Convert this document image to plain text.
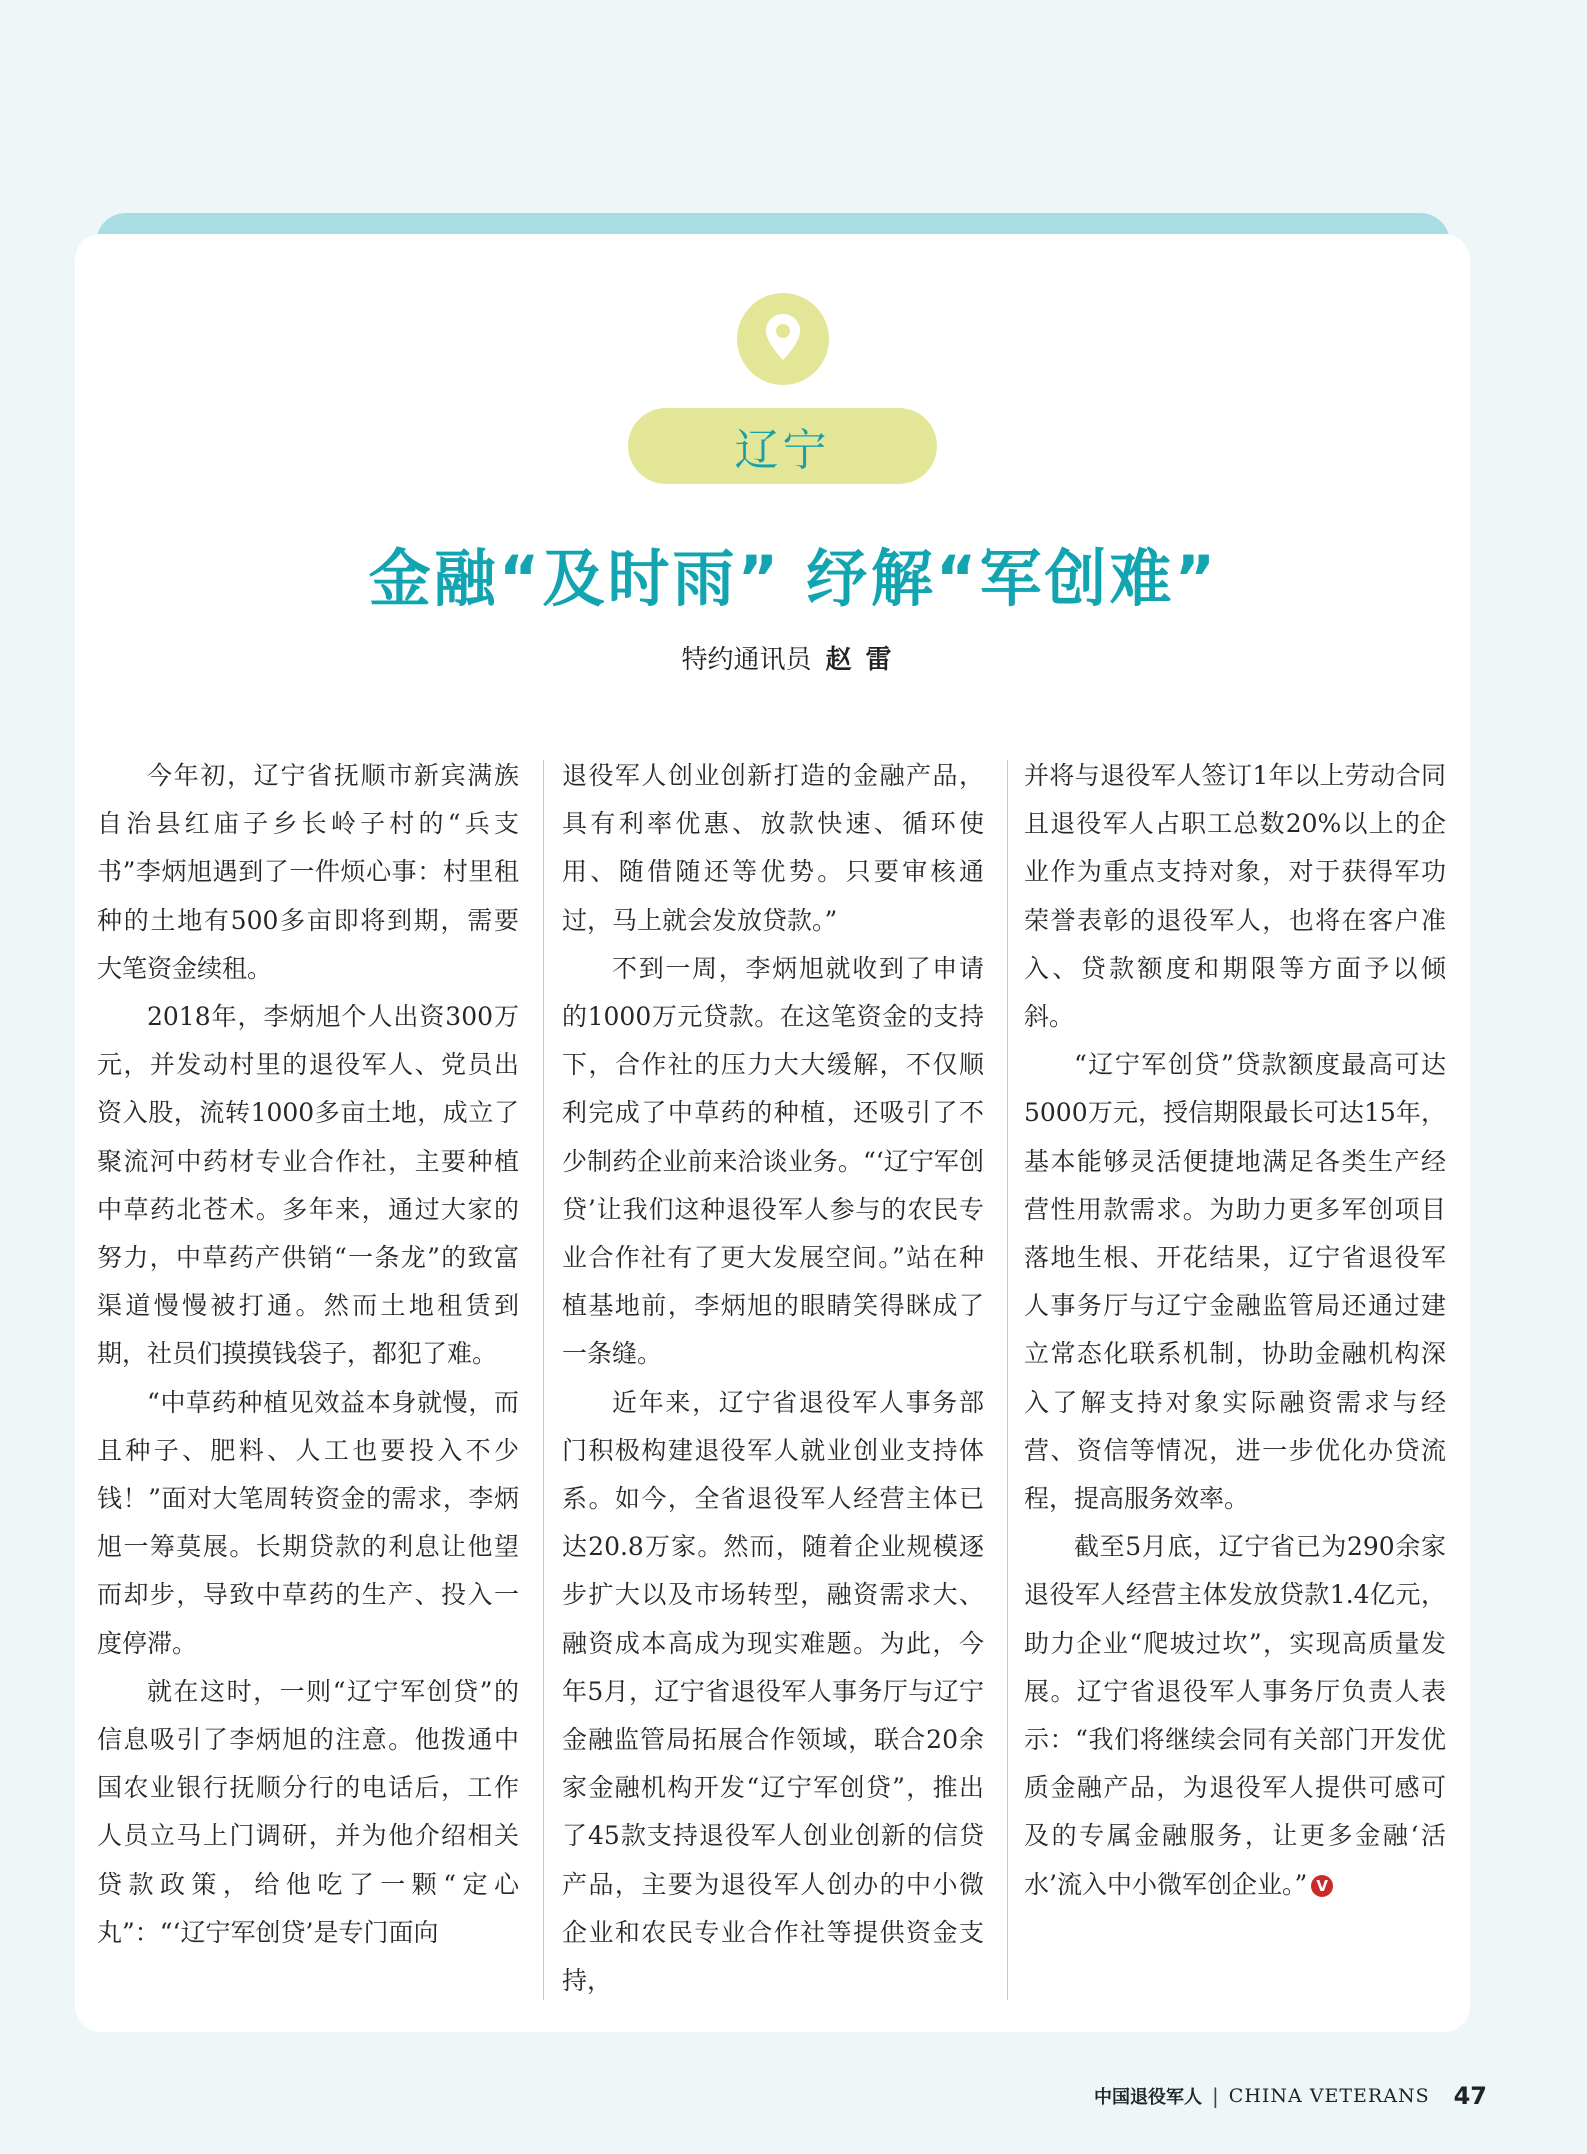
辽宁
金融“及时雨” 纾解“军创难”
特约通讯员 赵雷

今年初，辽宁省抚顺市新宾满族自治县红庙子乡长岭子村的“兵支书”李炳旭遇到了一件烦心事：村里租种的土地有500多亩即将到期，需要大笔资金续租。

2018年，李炳旭个人出资300万元，并发动村里的退役军人、党员出资入股，流转1000多亩土地，成立了聚流河中药材专业合作社，主要种植中草药北苍术。多年来，通过大家的努力，中草药产供销“一条龙”的致富渠道慢慢被打通。然而土地租赁到期，社员们摸摸钱袋子，都犯了难。

“中草药种植见效益本身就慢，而且种子、肥料、人工也要投入不少钱！”面对大笔周转资金的需求，李炳旭一筹莫展。长期贷款的利息让他望而却步，导致中草药的生产、投入一度停滞。

就在这时，一则“辽宁军创贷”的信息吸引了李炳旭的注意。他拨通中国农业银行抚顺分行的电话后，工作人员立马上门调研，并为他介绍相关贷款政策，给他吃了一颗“定心丸”：“‘辽宁军创贷’是专门面向

退役军人创业创新打造的金融产品，具有利率优惠、放款快速、循环使用、随借随还等优势。只要审核通过，马上就会发放贷款。”

不到一周，李炳旭就收到了申请的1000万元贷款。在这笔资金的支持下，合作社的压力大大缓解，不仅顺利完成了中草药的种植，还吸引了不少制药企业前来洽谈业务。“‘辽宁军创贷’让我们这种退役军人参与的农民专业合作社有了更大发展空间。”站在种植基地前，李炳旭的眼睛笑得眯成了一条缝。

近年来，辽宁省退役军人事务部门积极构建退役军人就业创业支持体系。如今，全省退役军人经营主体已达20.8万家。然而，随着企业规模逐步扩大以及市场转型，融资需求大、融资成本高成为现实难题。为此，今年5月，辽宁省退役军人事务厅与辽宁金融监管局拓展合作领域，联合20余家金融机构开发“辽宁军创贷”，推出了45款支持退役军人创业创新的信贷产品，主要为退役军人创办的中小微企业和农民专业合作社等提供资金支持，

并将与退役军人签订1年以上劳动合同且退役军人占职工总数20%以上的企业作为重点支持对象，对于获得军功荣誉表彰的退役军人，也将在客户准入、贷款额度和期限等方面予以倾斜。

“辽宁军创贷”贷款额度最高可达5000万元，授信期限最长可达15年，基本能够灵活便捷地满足各类生产经营性用款需求。为助力更多军创项目落地生根、开花结果，辽宁省退役军人事务厅与辽宁金融监管局还通过建立常态化联系机制，协助金融机构深入了解支持对象实际融资需求与经营、资信等情况，进一步优化办贷流程，提高服务效率。

截至5月底，辽宁省已为290余家退役军人经营主体发放贷款1.4亿元，助力企业“爬坡过坎”，实现高质量发展。辽宁省退役军人事务厅负责人表示：“我们将继续会同有关部门开发优质金融产品，为退役军人提供可感可及的专属金融服务，让更多金融‘活水’流入中小微军创企业。” V

中国退役军人 | CHINA VETERANS 47
